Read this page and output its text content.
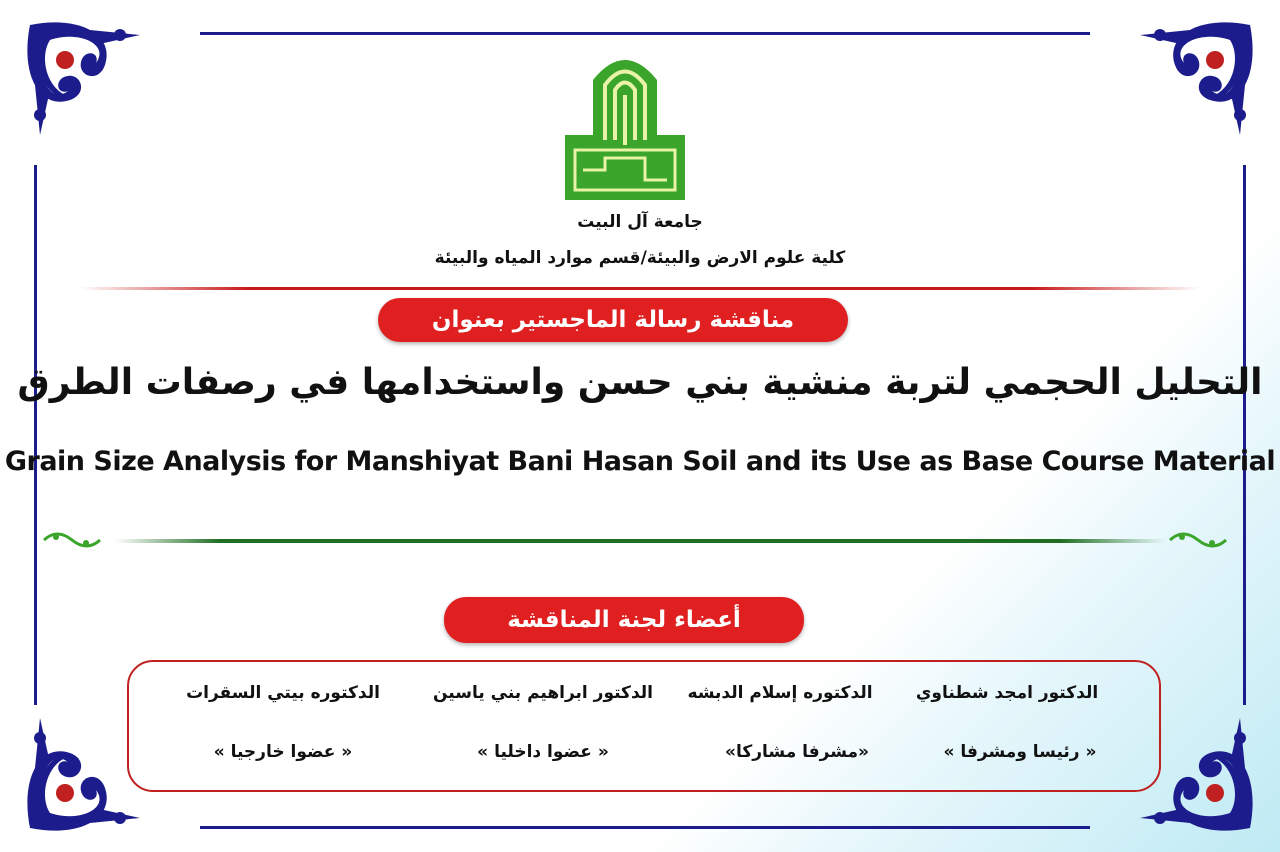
جامعة آل البيت
كلية علوم الارض والبيئة/قسم موارد المياه والبيئة
مناقشة رسالة الماجستير بعنوان
التحليل الحجمي لتربة منشية بني حسن واستخدامها في رصفات الطرق
Grain Size Analysis for Manshiyat Bani Hasan Soil and its Use as Base Course Material
أعضاء لجنة المناقشة
الدكتور امجد شطناوي
الدكتوره إسلام الدبشه
الدكتور ابراهيم بني ياسين
الدكتوره بيتي السقرات
« رئيسا ومشرفا »
«مشرفا مشاركا»
« عضوا داخليا »
« عضوا خارجيا »
